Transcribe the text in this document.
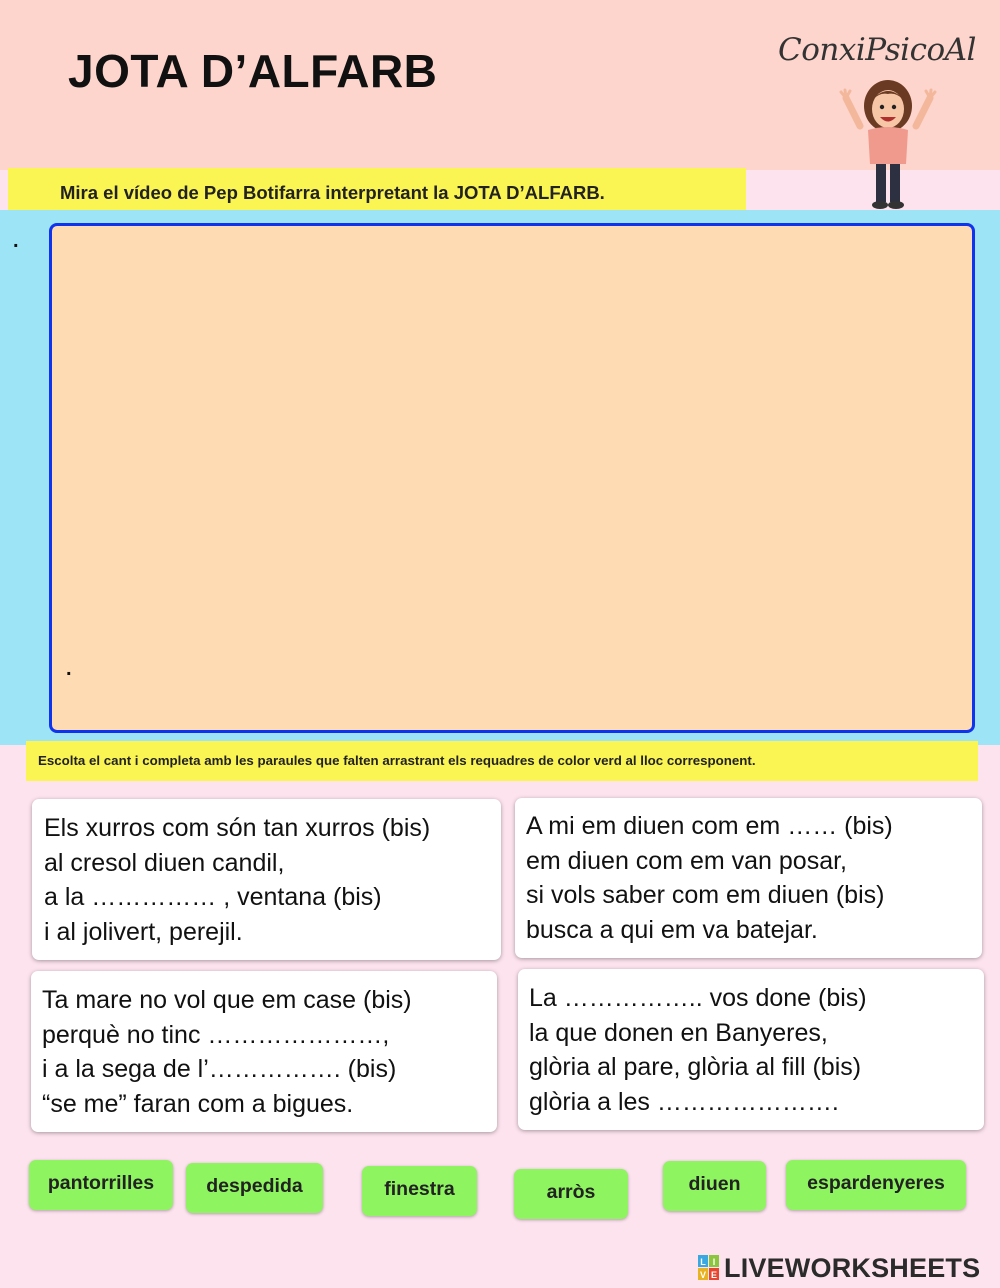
JOTA D’ALFARB	ConxiPsicoAl
Mira el vídeo de Pep Botifarra interpretant la JOTA D’ALFARB.
.
.
Escolta el cant i completa amb les paraules que falten arrastrant els requadres de color verd al lloc corresponent.
Els xurros com són tan xurros (bis)
al cresol diuen candil,
a la …………… , ventana (bis)
i al jolivert, perejil.
A mi em diuen com em …… (bis)
em diuen com em van posar,
si vols saber com em diuen (bis)
busca a qui em va batejar.
Ta mare no vol que em case (bis)
perquè no tinc …………………,
i a la sega de l’……………. (bis)
“se me” faran com a bigues.
La …………….. vos done (bis)
la que donen en Banyeres,
glòria al pare, glòria al fill (bis)
glòria a les ………………….
pantorrilles	despedida	finestra	arròs	diuen	espardenyeres
L I
V E LIVEWORKSHEETS
